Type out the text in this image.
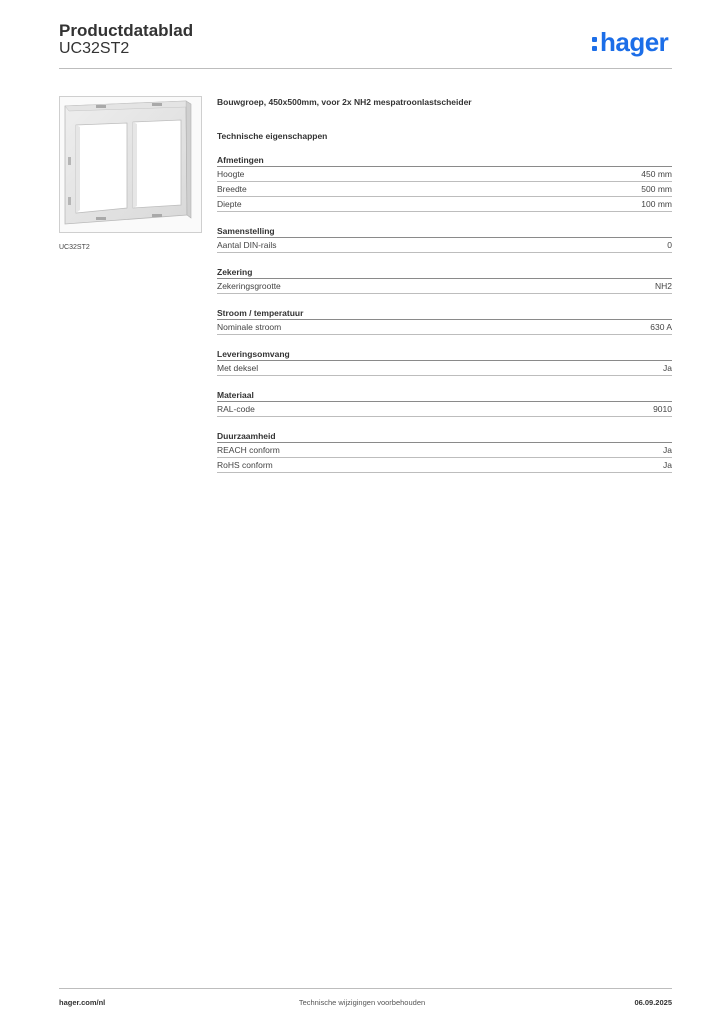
Productdatablad
UC32ST2	hager
UC32ST2
Bouwgroep, 450x500mm, voor 2x NH2 mespatroonlastscheider
Technische eigenschappen
Afmetingen
Hoogte	450 mm
Breedte	500 mm
Diepte	100 mm
Samenstelling
Aantal DIN-rails	0
Zekering
Zekeringsgrootte	NH2
Stroom / temperatuur
Nominale stroom	630 A
Leveringsomvang
Met deksel	Ja
Materiaal
RAL-code	9010
Duurzaamheid
REACH conform	Ja
RoHS conform	Ja
hager.com/nl	Technische wijzigingen voorbehouden	06.09.2025
